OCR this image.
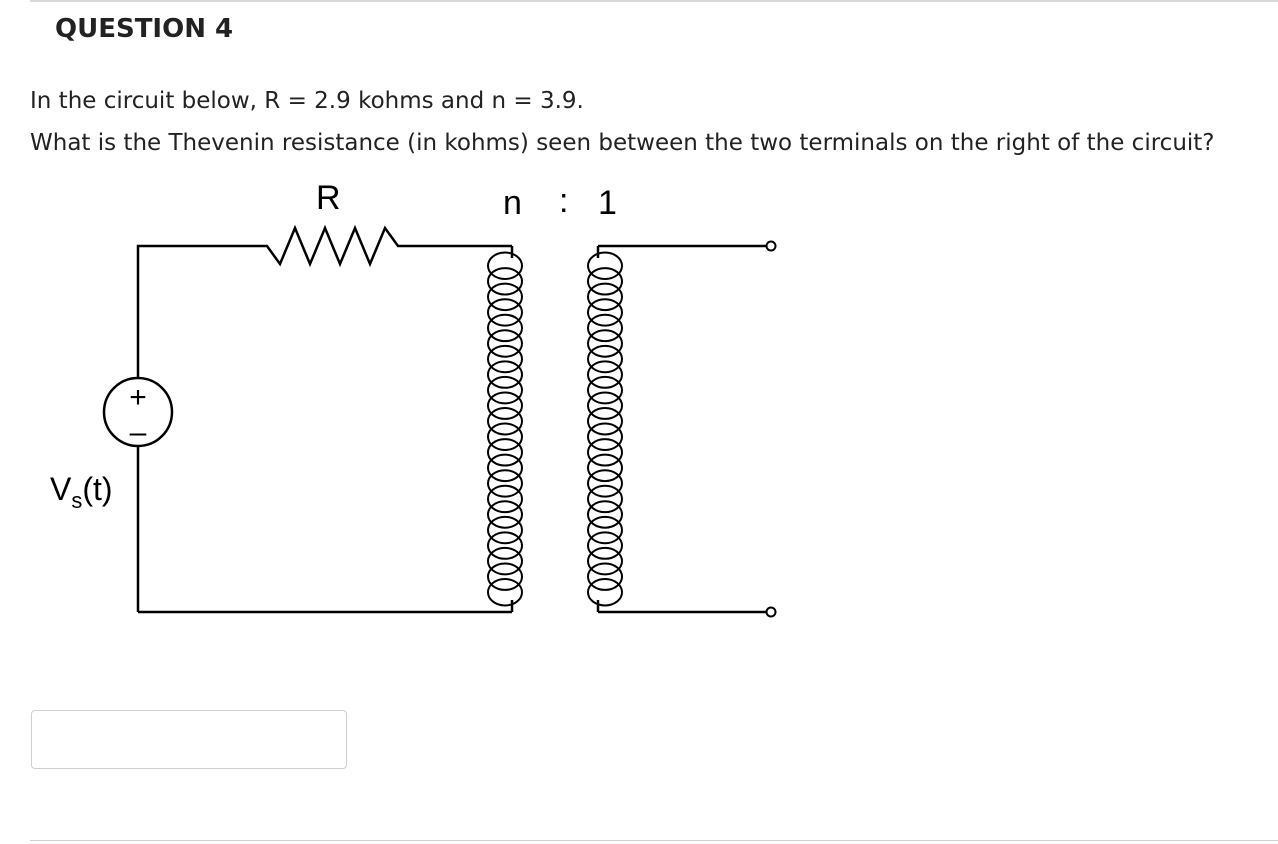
QUESTION 4

In the circuit below, R = 2.9 kohms and n = 3.9.

What is the Thevenin resistance (in kohms) seen between the two terminals on the right of the circuit?

R	n : 1
+
–
$V_s(t)$
